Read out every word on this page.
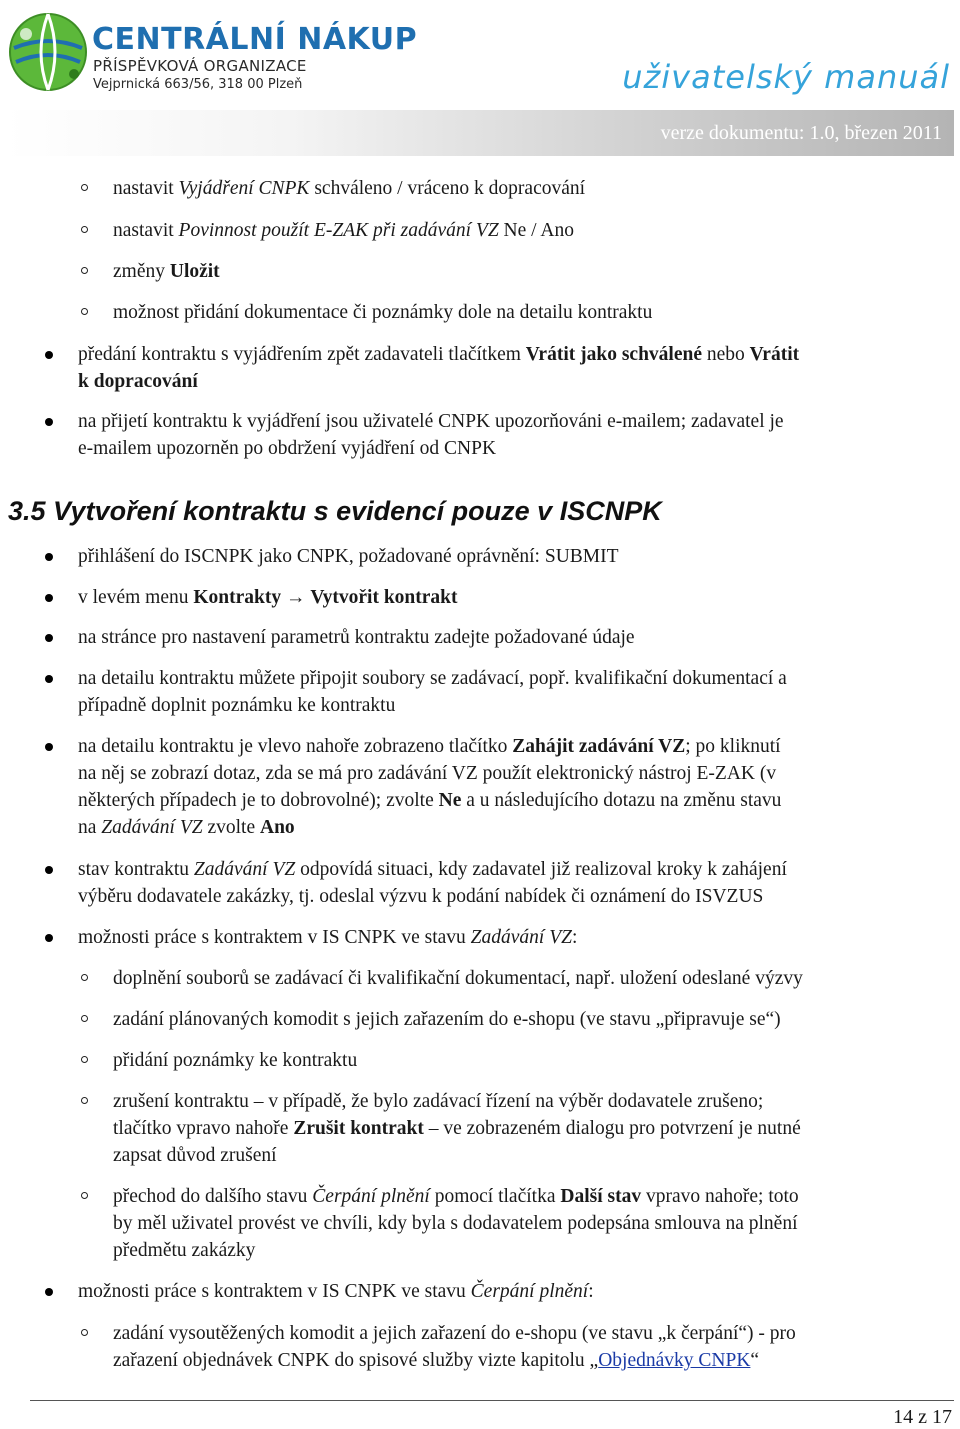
CENTRÁLNÍ NÁKUP
PŘÍSPĚVKOVÁ ORGANIZACE
Vejprnická 663/56, 318 00 Plzeň	uživatelský manuál
verze dokumentu: 1.0, březen 2011
nastavit Vyjádření CNPK schváleno / vráceno k dopracování
nastavit Povinnost použít E-ZAK při zadávání VZ Ne / Ano
změny Uložit
možnost přidání dokumentace či poznámky dole na detailu kontraktu
předání kontraktu s vyjádřením zpět zadavateli tlačítkem Vrátit jako schválené nebo Vrátit
k dopracování
na přijetí kontraktu k vyjádření jsou uživatelé CNPK upozorňováni e-mailem; zadavatel je
e-mailem upozorněn po obdržení vyjádření od CNPK
3.5 Vytvoření kontraktu s evidencí pouze v ISCNPK
přihlášení do ISCNPK jako CNPK, požadované oprávnění: SUBMIT
v levém menu Kontrakty → Vytvořit kontrakt
na stránce pro nastavení parametrů kontraktu zadejte požadované údaje
na detailu kontraktu můžete připojit soubory se zadávací, popř. kvalifikační dokumentací a
případně doplnit poznámku ke kontraktu
na detailu kontraktu je vlevo nahoře zobrazeno tlačítko Zahájit zadávání VZ; po kliknutí
na něj se zobrazí dotaz, zda se má pro zadávání VZ použít elektronický nástroj E-ZAK (v
některých případech je to dobrovolné); zvolte Ne a u následujícího dotazu na změnu stavu
na Zadávání VZ zvolte Ano
stav kontraktu Zadávání VZ odpovídá situaci, kdy zadavatel již realizoval kroky k zahájení
výběru dodavatele zakázky, tj. odeslal výzvu k podání nabídek či oznámení do ISVZUS
možnosti práce s kontraktem v IS CNPK ve stavu Zadávání VZ:
doplnění souborů se zadávací či kvalifikační dokumentací, např. uložení odeslané výzvy
zadání plánovaných komodit s jejich zařazením do e-shopu (ve stavu „připravuje se“)
přidání poznámky ke kontraktu
zrušení kontraktu – v případě, že bylo zadávací řízení na výběr dodavatele zrušeno;
tlačítko vpravo nahoře Zrušit kontrakt – ve zobrazeném dialogu pro potvrzení je nutné
zapsat důvod zrušení
přechod do dalšího stavu Čerpání plnění pomocí tlačítka Další stav vpravo nahoře; toto
by měl uživatel provést ve chvíli, kdy byla s dodavatelem podepsána smlouva na plnění
předmětu zakázky
možnosti práce s kontraktem v IS CNPK ve stavu Čerpání plnění:
zadání vysoutěžených komodit a jejich zařazení do e-shopu (ve stavu „k čerpání“) - pro
zařazení objednávek CNPK do spisové služby vizte kapitolu „Objednávky CNPK“
14 z 17
